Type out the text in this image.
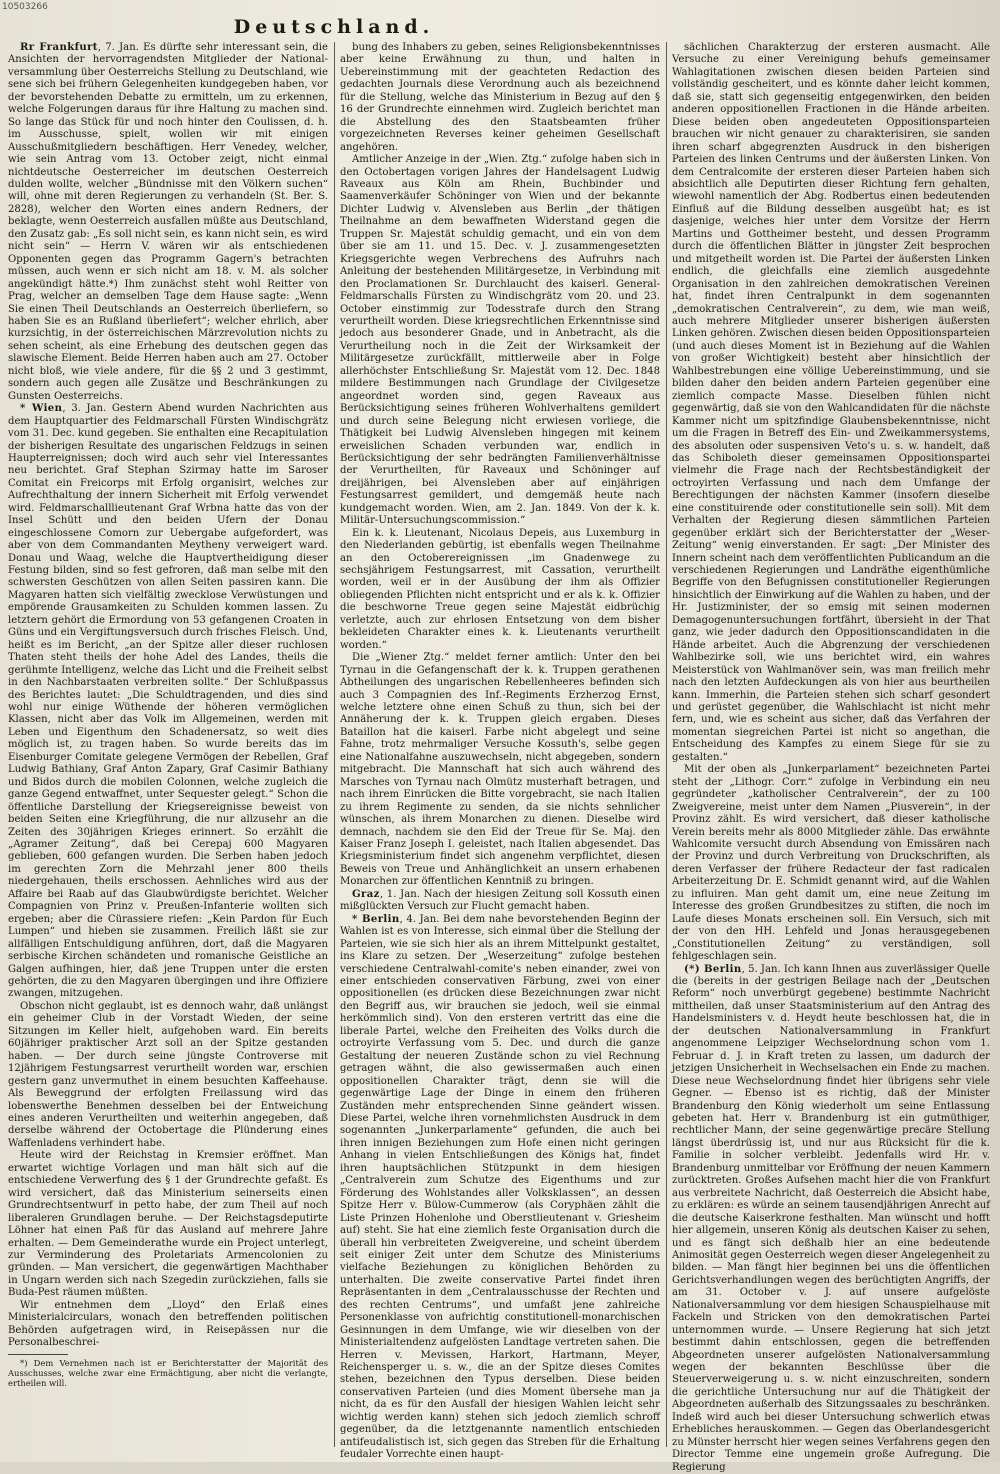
10503266
Deutschland.

Rr Frankfurt, 7. Jan. Es dürfte sehr interessant sein, die Ansichten der hervorragendsten Mitglieder der National-versammlung über Oesterreichs Stellung zu Deutschland, wie sene sich bei frühern Gelegenheiten kundgegeben haben, vor der bevorstehenden Debatte zu ermitteln, um zu erkennen, welche Folgerungen daraus für ihre Haltung zu machen sind. So lange das Stück für und noch hinter den Coulissen, d. h. im Ausschusse, spielt, wollen wir mit einigen Ausschußmitgliedern beschäftigen. Herr Venedey, welcher, wie sein Antrag vom 13. October zeigt, nicht einmal nichtdeutsche Oesterreicher im deutschen Oesterreich dulden wollte, welcher „Bündnisse mit den Völkern suchen“ will, ohne mit deren Regierungen zu verhandeln (St. Ber. S. 2828), welcher den Worten eines andern Redners, der beklagte, wenn Oesterreich ausfallen müßte aus Deutschland, den Zusatz gab: „Es soll nicht sein, es kann nicht sein, es wird nicht sein“ — Herrn V. wären wir als entschiedenen Opponenten gegen das Programm Gagern's betrachten müssen, auch wenn er sich nicht am 18. v. M. als solcher angekündigt hätte.*) Ihm zunächst steht wohl Reitter von Prag, welcher an demselben Tage dem Hause sagte: „Wenn Sie einen Theil Deutschlands an Oesterreich überliefern, so haben Sie es an Rußland überliefert“; welcher ehrlich, aber kurzsichtig, in der österreichischen Märzrevolution nichts zu sehen scheint, als eine Erhebung des deutschen gegen das slawische Element. Beide Herren haben auch am 27. October nicht bloß, wie viele andere, für die §§ 2 und 3 gestimmt, sondern auch gegen alle Zusätze und Beschränkungen zu Gunsten Oesterreichs.

* Wien, 3. Jan. Gestern Abend wurden Nachrichten aus dem Hauptquartier des Feldmarschall Fürsten Windischgrätz vom 31. Dec. kund gegeben. Sie enthalten eine Recapitulation der bisherigen Resultate des ungarischen Feldzugs in seinen Haupterreignissen; doch wird auch sehr viel Interessantes neu berichtet. Graf Stephan Szirmay hatte im Saroser Comitat ein Freicorps mit Erfolg organisirt, welches zur Aufrechthaltung der innern Sicherheit mit Erfolg verwendet wird. Feldmarschalllieutenant Graf Wrbna hatte das von der Insel Schütt und den beiden Ufern der Donau eingeschlossene Comorn zur Uebergabe aufgefordert, was aber von dem Commandanten Meytheny verweigert ward. Donau und Waag, welche die Hauptvertheidigung dieser Festung bilden, sind so fest gefroren, daß man selbe mit den schwersten Geschützen von allen Seiten passiren kann. Die Magyaren hatten sich vielfältig zwecklose Verwüstungen und empörende Grausamkeiten zu Schulden kommen lassen. Zu letztern gehört die Ermordung von 53 gefangenen Croaten in Güns und ein Vergiftungsversuch durch frisches Fleisch. Und, heißt es im Bericht, „an der Spitze aller dieser ruchlosen Thaten steht theils der hohe Adel des Landes, theils die gerühmte Intelligenz, welche das Licht und die Freiheit selbst in den Nachbarstaaten verbreiten sollte.“ Der Schlußpassus des Berichtes lautet: „Die Schuldtragenden, und dies sind wohl nur einige Wüthende der höheren vermöglichen Klassen, nicht aber das Volk im Allgemeinen, werden mit Leben und Eigenthum den Schadenersatz, so weit dies möglich ist, zu tragen haben. So wurde bereits das im Eisenburger Comitate gelegene Vermögen der Rebellen, Graf Ludwig Bathiany, Graf Anton Zapary, Graf Casimir Bathiany und Bidos durch die mobilen Colonnen, welche zugleich die ganze Gegend entwaffnet, unter Sequester gelegt.“ Schon die öffentliche Darstellung der Kriegsereignisse beweist von beiden Seiten eine Kriegführung, die nur allzusehr an die Zeiten des 30jährigen Krieges erinnert. So erzählt die „Agramer Zeitung“, daß bei Cerepaj 600 Magyaren geblieben, 600 gefangen wurden. Die Serben haben jedoch im gerechten Zorn die Mehrzahl jener 800 theils niedergehauen, theils erschossen. Aehnliches wird aus der Affaire bei Raab auf das Glaubwürdigste berichtet. Welcher Compagnien von Prinz v. Preußen-Infanterie wollten sich ergeben; aber die Cürassiere riefen: „Kein Pardon für Euch Lumpen“ und hieben sie zusammen. Freilich läßt sie zur allfälligen Entschuldigung anführen, dort, daß die Magyaren serbische Kirchen schändeten und romanische Geistliche an Galgen aufhingen, hier, daß jene Truppen unter die ersten gehörten, die zu den Magyaren übergingen und ihre Offiziere zwangen, mitzugehen.

Obschon nicht geglaubt, ist es dennoch wahr, daß unlängst ein geheimer Club in der Vorstadt Wieden, der seine Sitzungen im Keller hielt, aufgehoben ward. Ein bereits 60jähriger praktischer Arzt soll an der Spitze gestanden haben. — Der durch seine jüngste Controverse mit 12jährigem Festungsarrest verurtheilt worden war, erschien gestern ganz unvermuthet in einem besuchten Kaffeehause. Als Beweggrund der erfolgten Freilassung wird das lobenswerthe Benehmen desselben bei der Entweichung eines anderen Verurtheilten und weiterhin angegeben, daß derselbe während der Octobertage die Plünderung eines Waffenladens verhindert habe.

Heute wird der Reichstag in Kremsier eröffnet. Man erwartet wichtige Vorlagen und man hält sich auf die entschiedene Verwerfung des § 1 der Grundrechte gefaßt. Es wird versichert, daß das Ministerium seinerseits einen Grundrechtsentwurf in petto habe, der zum Theil auf noch liberaleren Grundlagen beruhe. — Der Reichstagsdeputirte Löhner hat einen Paß für das Ausland auf mehrere Jahre erhalten. — Dem Gemeinderathe wurde ein Project unterlegt, zur Verminderung des Proletariats Armencolonien zu gründen. — Man versichert, die gegenwärtigen Machthaber in Ungarn werden sich nach Szegedin zurückziehen, falls sie Buda-Pest räumen müßten.

Wir entnehmen dem „Lloyd“ den Erlaß eines Ministerialcirculars, wonach den betreffenden politischen Behörden aufgetragen wird, in Reisepässen nur die Personalbeschrei-

*) Dem Vernehmen nach ist er Berichterstatter der Majorität des Ausschusses, welche zwar eine Ermächtigung, aber nicht die verlangte, ertheilen will.

bung des Inhabers zu geben, seines Religionsbekenntnisses aber keine Erwähnung zu thun, und halten in Uebereinstimmung mit der geachteten Redaction des gedachten Journals diese Verordnung auch als bezeichnend für die Stellung, welche das Ministerium in Bezug auf den § 16 der Grundrechte einnehmen wird. Zugleich berichtet man die Abstellung des den Staatsbeamten früher vorgezeichneten Reverses keiner geheimen Gesellschaft angehören.

Amtlicher Anzeige in der „Wien. Ztg.“ zufolge haben sich in den Octobertagen vorigen Jahres der Handelsagent Ludwig Raveaux aus Köln am Rhein, Buchbinder und Saamenverkäufer Schöninger von Wien und der bekannte Dichter Ludwig v. Alvensleben aus Berlin „der thätigen Theilnahme an dem bewaffneten Widerstand gegen die Truppen Sr. Majestät schuldig gemacht, und ein von dem über sie am 11. und 15. Dec. v. J. zusammengesetzten Kriegsgerichte wegen Verbrechens des Aufruhrs nach Anleitung der bestehenden Militärgesetze, in Verbindung mit den Proclamationen Sr. Durchlaucht des kaiserl. General-Feldmarschalls Fürsten zu Windischgrätz vom 20. und 23. October einstimmig zur Todesstrafe durch den Strang verurtheilt worden. Diese kriegsrechtlichen Erkenntnisse sind jedoch aus besonderer Gnade, und in Anbetracht, als die Verurtheilung noch in die Zeit der Wirksamkeit der Militärgesetze zurückfällt, mittlerweile aber in Folge allerhöchster Entschließung Sr. Majestät vom 12. Dec. 1848 mildere Bestimmungen nach Grundlage der Civilgesetze angeordnet worden sind, gegen Raveaux aus Berücksichtigung seines früheren Wohlverhaltens gemildert und durch seine Belegung nicht erwiesen vorliege, die Thätigkeit bei Ludwig Alvensleben hingegen mit keinem erweislichen Schaden verbunden war, endlich in Berücksichtigung der sehr bedrängten Familienverhältnisse der Verurtheilten, für Raveaux und Schöninger auf dreijährigen, bei Alvensleben aber auf einjährigen Festungsarrest gemildert, und demgemäß heute nach kundgemacht worden. Wien, am 2. Jan. 1849. Von der k. k. Militär-Untersuchungscommission.“

Ein k. k. Lieutenant, Nicolaus Depeis, aus Luxemburg in den Niederlanden gebürtig, ist ebenfalls wegen Theilnahme an den Octoberereignissen „im Gnadenwege zu sechsjährigem Festungsarrest, mit Cassation, verurtheilt worden, weil er in der Ausübung der ihm als Offizier obliegenden Pflichten nicht entspricht und er als k. k. Offizier die beschworne Treue gegen seine Majestät eidbrüchig verletzte, auch zur ehrlosen Entsetzung von dem bisher bekleideten Charakter eines k. k. Lieutenants verurtheilt worden.“

Die „Wiener Ztg.“ meldet ferner amtlich: Unter den bei Tyrnau in die Gefangenschaft der k. k. Truppen gerathenen Abtheilungen des ungarischen Rebellenheeres befinden sich auch 3 Compagnien des Inf.-Regiments Erzherzog Ernst, welche letztere ohne einen Schuß zu thun, sich bei der Annäherung der k. k. Truppen gleich ergaben. Dieses Bataillon hat die kaiserl. Farbe nicht abgelegt und seine Fahne, trotz mehrmaliger Versuche Kossuth's, selbe gegen eine Nationalfahne auszuwechseln, nicht abgegeben, sondern mitgebracht. Die Mannschaft hat sich auch während des Marsches von Tyrnau nach Olmütz musterhaft betragen, und nach ihrem Einrücken die Bitte vorgebracht, sie nach Italien zu ihrem Regimente zu senden, da sie nichts sehnlicher wünschen, als ihrem Monarchen zu dienen. Dieselbe wird demnach, nachdem sie den Eid der Treue für Se. Maj. den Kaiser Franz Joseph I. geleistet, nach Italien abgesendet. Das Kriegsministerium findet sich angenehm verpflichtet, diesen Beweis von Treue und Anhänglichkeit an unsern erhabenen Monarchen zur öffentlichen Kenntniß zu bringen.

Graz, 1. Jan. Nach der hiesigen Zeitung soll Kossuth einen mißglückten Versuch zur Flucht gemacht haben.

* Berlin, 4. Jan. Bei dem nahe bevorstehenden Beginn der Wahlen ist es von Interesse, sich einmal über die Stellung der Parteien, wie sie sich hier als an ihrem Mittelpunkt gestaltet, ins Klare zu setzen. Der „Weserzeitung“ zufolge bestehen verschiedene Centralwahl-comite's neben einander, zwei von einer entschieden conservativen Färbung, zwei von einer oppositionellen (es drücken diese Bezeichnungen zwar nicht den Begriff aus, wir brauchen sie jedoch, weil sie einmal herkömmlich sind). Von den ersteren vertritt das eine die liberale Partei, welche den Freiheiten des Volks durch die octroyirte Verfassung vom 5. Dec. und durch die ganze Gestaltung der neueren Zustände schon zu viel Rechnung getragen wähnt, die also gewissermaßen auch einen oppositionellen Charakter trägt, denn sie will die gegenwärtige Lage der Dinge in einem den früheren Zuständen mehr entsprechenden Sinne geändert wissen. Diese Partei, welche ihren vornehmlichsten Ausdruck in dem sogenannten „Junkerparlamente“ gefunden, die auch bei ihren innigen Beziehungen zum Hofe einen nicht geringen Anhang in vielen Entschließungen des Königs hat, findet ihren hauptsächlichen Stützpunkt in dem hiesigen „Centralverein zum Schutze des Eigenthums und zur Förderung des Wohlstandes aller Volksklassen“, an dessen Spitze Herr v. Bülow-Cummerow (als Coryphäen zählt die Liste Prinzen Hohenlohe und Oberstlieutenant v. Griesheim auf) steht. Sie hat eine ziemlich feste Organisation durch die überall hin verbreiteten Zweigvereine, und scheint überdem seit einiger Zeit unter dem Schutze des Ministeriums vielfache Beziehungen zu königlichen Behörden zu unterhalten. Die zweite conservative Partei findet ihren Repräsentanten in dem „Centralausschusse der Rechten und des rechten Centrums“, und umfaßt jene zahlreiche Personenklasse von aufrichtig constitutionell-monarchischen Gesinnungen in dem Umfange, wie wir dieselben von der Ministerialtendenz aufgelösten Landtage vertreten sahen. Die Herren v. Mevissen, Harkort, Hartmann, Meyer, Reichensperger u. s. w., die an der Spitze dieses Comites stehen, bezeichnen den Typus derselben. Diese beiden conservativen Parteien (und dies Moment übersehe man ja nicht, da es für den Ausfall der hiesigen Wahlen leicht sehr wichtig werden kann) stehen sich jedoch ziemlich schroff gegenüber, da die letztgenannte namentlich entschieden antifeudalistisch ist, sich gegen das Streben für die Erhaltung feudaler Vorrechte einen haupt-

sächlichen Charakterzug der ersteren ausmacht. Alle Versuche zu einer Vereinigung behufs gemeinsamer Wahlagitationen zwischen diesen beiden Parteien sind vollständig gescheitert, und es könnte daher leicht kommen, daß sie, statt sich gegenseitig entgegenwirken, den beiden anderen oppositionellen Fractionen in die Hände arbeiten. Diese beiden oben angedeuteten Oppositionsparteien brauchen wir nicht genauer zu charakterisiren, sie sanden ihren scharf abgegrenzten Ausdruck in den bisherigen Parteien des linken Centrums und der äußersten Linken. Von dem Centralcomite der ersteren dieser Parteien haben sich absichtlich alle Deputirten dieser Richtung fern gehalten, wiewohl namentlich der Abg. Rodbertus einen bedeutenden Einfluß auf die Bildung desselben ausgeübt hat; es ist dasjenige, welches hier unter dem Vorsitze der Herrn Martins und Gottheimer besteht, und dessen Programm durch die öffentlichen Blätter in jüngster Zeit besprochen und mitgetheilt worden ist. Die Partei der äußersten Linken endlich, die gleichfalls eine ziemlich ausgedehnte Organisation in den zahlreichen demokratischen Vereinen hat, findet ihren Centralpunkt in dem sogenannten „demokratischen Centralverein“, zu dem, wie man weiß, auch mehrere Mitglieder unserer bisherigen äußersten Linken gehören. Zwischen diesen beiden Oppositionsparteien (und auch dieses Moment ist in Beziehung auf die Wahlen von großer Wichtigkeit) besteht aber hinsichtlich der Wahlbestrebungen eine völlige Uebereinstimmung, und sie bilden daher den beiden andern Parteien gegenüber eine ziemlich compacte Masse. Dieselben fühlen nicht gegenwärtig, daß sie von den Wahlcandidaten für die nächste Kammer nicht um spitzfindige Glaubensbekenntnisse, nicht um die Fragen in Betreff des Ein- und Zweikammersystems, des absoluten oder suspensiven Veto's u. s. w. handelt, daß das Schiboleth dieser gemeinsamen Oppositionspartei vielmehr die Frage nach der Rechtsbeständigkeit der octroyirten Verfassung und nach dem Umfange der Berechtigungen der nächsten Kammer (insofern dieselbe eine constituirende oder constitutionelle sein soll). Mit dem Verhalten der Regierung diesen sämmtlichen Parteien gegenüber erklärt sich der Berichterstatter der „Weser-Zeitung“ wenig einverstanden. Er sagt: „Der Minister des Innern scheint nach dem veröffentlichten Publicandum an die verschiedenen Regierungen und Landräthe eigenthümliche Begriffe von den Befugnissen constitutioneller Regierungen hinsichtlich der Einwirkung auf die Wahlen zu haben, und der Hr. Justizminister, der so emsig mit seinen modernen Demagogenuntersuchungen fortfährt, übersieht in der That ganz, wie jeder dadurch den Oppositionscandidaten in die Hände arbeitet. Auch die Abgrenzung der verschiedenen Wahlbezirke soll, wie uns berichtet wird, ein wahres Meisterstück von Wahlmanöver sein, was man freilich mehr nach den letzten Aufdeckungen als von hier aus beurtheilen kann. Immerhin, die Parteien stehen sich scharf gesondert und gerüstet gegenüber, die Wahlschlacht ist nicht mehr fern, und, wie es scheint aus sicher, daß das Verfahren der momentan siegreichen Partei ist nicht so angethan, die Entscheidung des Kampfes zu einem Siege für sie zu gestalten.“

Mit der oben als „Junkerparlament“ bezeichneten Partei steht der „Lithogr. Corr.“ zufolge in Verbindung ein neu gegründeter „katholischer Centralverein“, der zu 100 Zweigvereine, meist unter dem Namen „Piusverein“, in der Provinz zählt. Es wird versichert, daß dieser katholische Verein bereits mehr als 8000 Mitglieder zähle. Das erwähnte Wahlcomite versucht durch Absendung von Emissären nach der Provinz und durch Verbreitung von Druckschriften, als deren Verfasser der frühere Redacteur der fast radicalen Arbeiterzeitung Dr. E. Schmidt genannt wird, auf die Wahlen zu influiren. Man geht damit um, eine neue Zeitung im Interesse des großen Grundbesitzes zu stiften, die noch im Laufe dieses Monats erscheinen soll. Ein Versuch, sich mit der von den HH. Lehfeld und Jonas herausgegebenen „Constitutionellen Zeitung“ zu verständigen, soll fehlgeschlagen sein.

(*) Berlin, 5. Jan. Ich kann Ihnen aus zuverlässiger Quelle die (bereits in der gestrigen Beilage nach der „Deutschen Reform“ noch unverbürgt gegebene) bestimmte Nachricht mittheilen, daß unser Staatsministerium auf den Antrag des Handelsministers v. d. Heydt heute beschlossen hat, die in der deutschen Nationalversammlung in Frankfurt angenommene Leipziger Wechselordnung schon vom 1. Februar d. J. in Kraft treten zu lassen, um dadurch der jetzigen Unsicherheit in Wechselsachen ein Ende zu machen. Diese neue Wechselordnung findet hier übrigens sehr viele Gegner. — Ebenso ist es richtig, daß der Minister Brandenburg den König wiederholt um seine Entlassung gebeten hat. Herr v. Brandenburg ist ein gutmüthiger, rechtlicher Mann, der seine gegenwärtige precäre Stellung längst überdrüssig ist, und nur aus Rücksicht für die k. Familie in solcher verbleibt. Jedenfalls wird Hr. v. Brandenburg unmittelbar vor Eröffnung der neuen Kammern zurücktreten. Großes Aufsehen macht hier die von Frankfurt aus verbreitete Nachricht, daß Oesterreich die Absicht habe, zu erklären: es würde an seinem tausendjährigen Anrecht auf die deutsche Kaiserkrone festhalten. Man wünscht und hofft hier allgemein, unseren König als deutschen Kaiser zu sehen, und es fängt sich deßhalb hier an eine bedeutende Animosität gegen Oesterreich wegen dieser Angelegenheit zu bilden. — Man fängt hier beginnen bei uns die öffentlichen Gerichtsverhandlungen wegen des berüchtigten Angriffs, der am 31. October v. J. auf unsere aufgelöste Nationalversammlung vor dem hiesigen Schauspielhause mit Fackeln und Stricken von den demokratischen Partei unternommen wurde. — Unsere Regierung hat sich jetzt bestimmt dahin entschlossen, gegen die betreffenden Abgeordneten unserer aufgelösten Nationalversammlung wegen der bekannten Beschlüsse über die Steuerverweigerung u. s. w. nicht einzuschreiten, sondern die gerichtliche Untersuchung nur auf die Thätigkeit der Abgeordneten außerhalb des Sitzungssaales zu beschränken. Indeß wird auch bei dieser Untersuchung schwerlich etwas Erhebliches herauskommen. — Gegen das Oberlandesgericht zu Münster herrscht hier wegen seines Verfahrens gegen den Director Temme eine ungemein große Aufregung. Die Regierung
